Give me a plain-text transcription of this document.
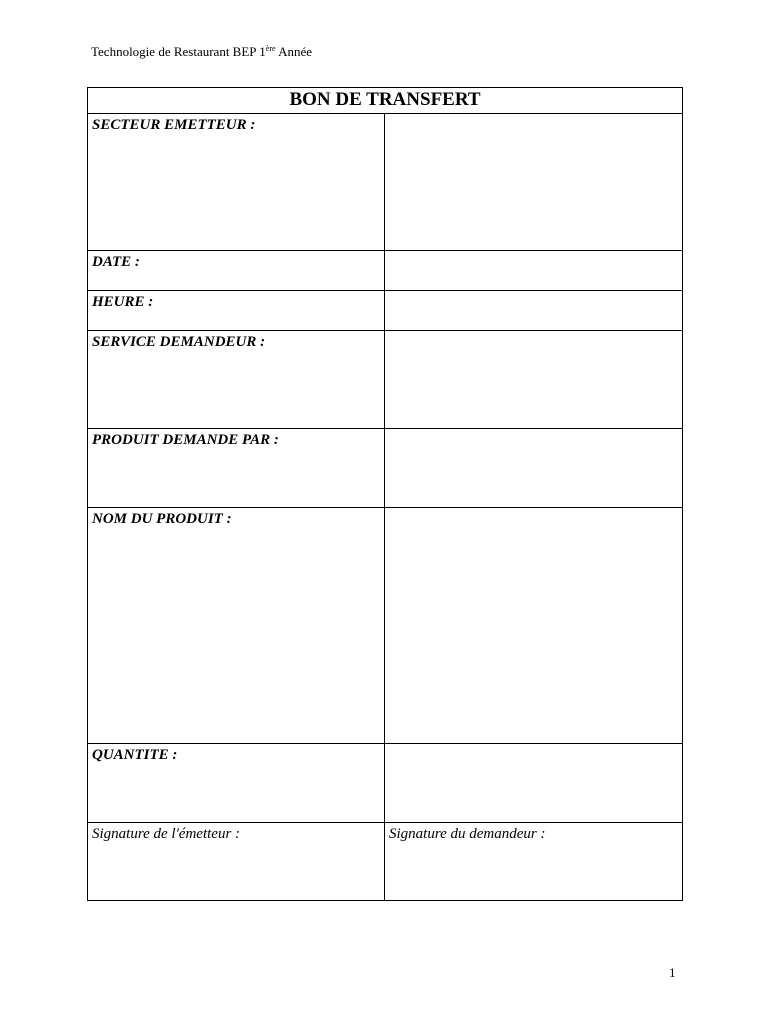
Technologie de Restaurant BEP 1ère Année
BON DE TRANSFERT	
SECTEUR EMETTEUR :	
DATE :	
HEURE :	
SERVICE DEMANDEUR :	
PRODUIT DEMANDE PAR :	
NOM DU PRODUIT :	
QUANTITE :	
Signature de l'émetteur :	Signature du demandeur :
1
